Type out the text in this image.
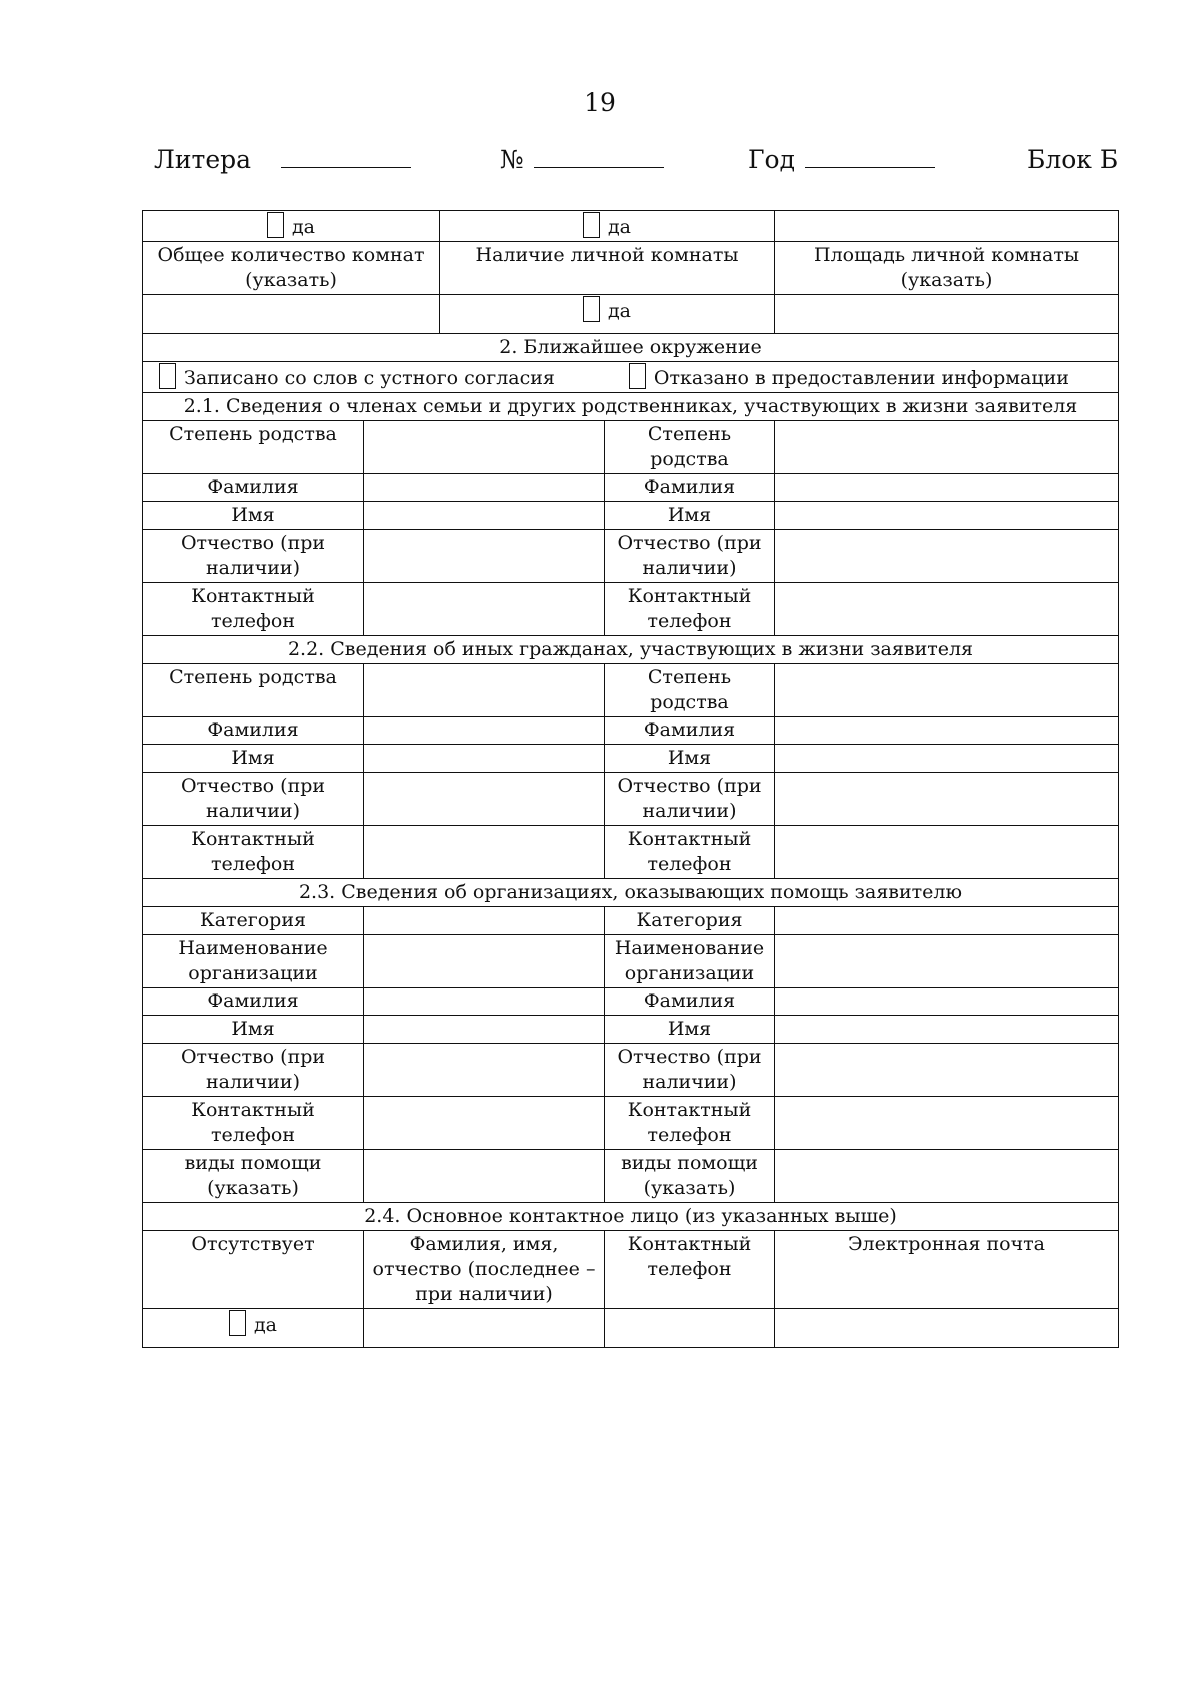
19
Литера	№	Год	Блок Б
да		да		
Общее количество комнат (указать)		Наличие личной комнаты		Площадь личной комнаты (указать)
		да		
2. Ближайшее окружение				
Записано со слов с устного согласия Отказано в предоставлении информации				
2.1. Сведения о членах семьи и других родственниках, участвующих в жизни заявителя				
Степень родства			Степень родства	
Фамилия			Фамилия	
Имя			Имя	
Отчество (при наличии)			Отчество (при наличии)	
Контактный телефон			Контактный телефон	
2.2. Сведения об иных гражданах, участвующих в жизни заявителя				
Степень родства			Степень родства	
Фамилия			Фамилия	
Имя			Имя	
Отчество (при наличии)			Отчество (при наличии)	
Контактный телефон			Контактный телефон	
2.3. Сведения об организациях, оказывающих помощь заявителю				
Категория			Категория	
Наименование организации			Наименование организации	
Фамилия			Фамилия	
Имя			Имя	
Отчество (при наличии)			Отчество (при наличии)	
Контактный телефон			Контактный телефон	
виды помощи (указать)			виды помощи (указать)	
2.4. Основное контактное лицо (из указанных выше)				
Отсутствует	Фамилия, имя, отчество (последнее – при наличии)		Контактный телефон	Электронная почта
да				
